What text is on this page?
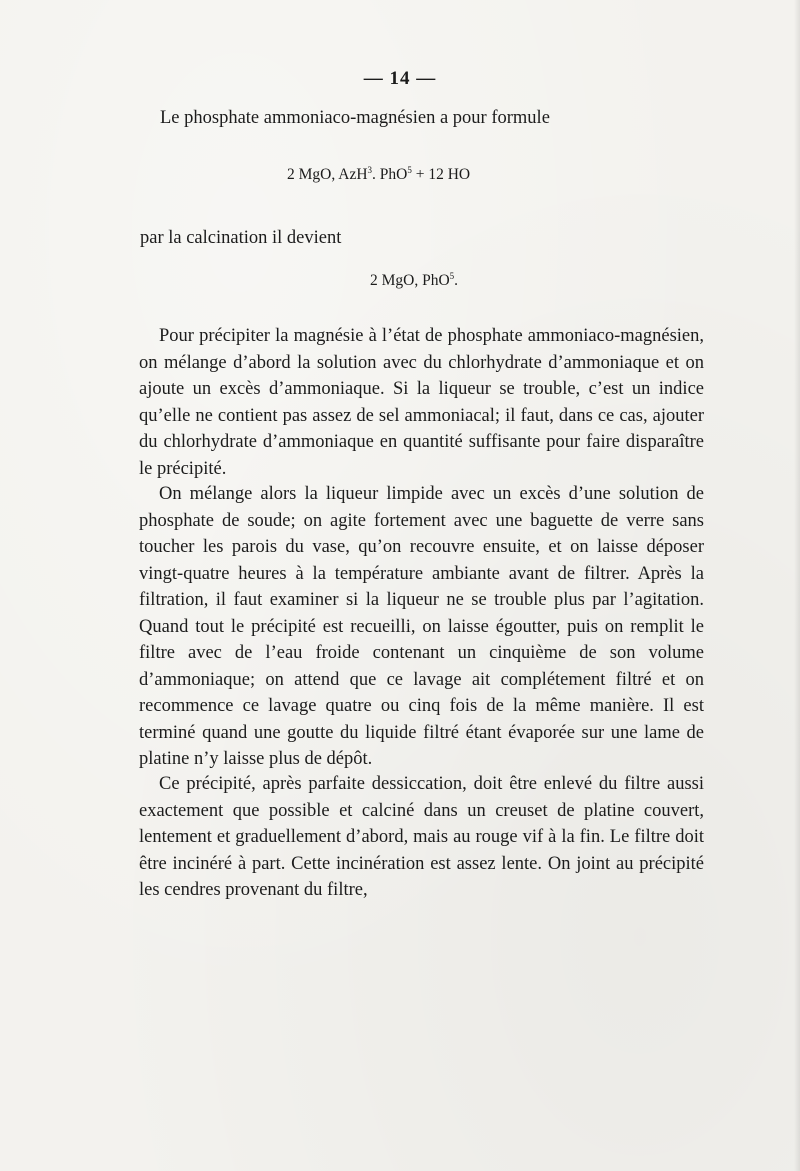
— 14 —
Le phosphate ammoniaco-magnésien a pour formule
2 MgO, AzH$^3$. PhO$^5$ + 12 HO
par la calcination il devient
2 MgO, PhO$^5$.

Pour précipiter la magnésie à l’état de phosphate ammoniaco-magnésien, on mélange d’abord la solution avec du chlorhydrate d’ammoniaque et on ajoute un excès d’ammoniaque. Si la liqueur se trouble, c’est un indice qu’elle ne contient pas assez de sel ammoniacal; il faut, dans ce cas, ajouter du chlorhydrate d’ammoniaque en quantité suffisante pour faire disparaître le précipité.

On mélange alors la liqueur limpide avec un excès d’une solution de phosphate de soude; on agite fortement avec une baguette de verre sans toucher les parois du vase, qu’on recouvre ensuite, et on laisse déposer vingt-quatre heures à la température ambiante avant de filtrer. Après la filtration, il faut examiner si la liqueur ne se trouble plus par l’agitation. Quand tout le précipité est recueilli, on laisse égoutter, puis on remplit le filtre avec de l’eau froide contenant un cinquième de son volume d’ammoniaque; on attend que ce lavage ait complétement filtré et on recommence ce lavage quatre ou cinq fois de la même manière. Il est terminé quand une goutte du liquide filtré étant évaporée sur une lame de platine n’y laisse plus de dépôt.

Ce précipité, après parfaite dessiccation, doit être enlevé du filtre aussi exactement que possible et calciné dans un creuset de platine couvert, lentement et graduellement d’abord, mais au rouge vif à la fin. Le filtre doit être incinéré à part. Cette incinération est assez lente. On joint au précipité les cendres provenant du filtre,
